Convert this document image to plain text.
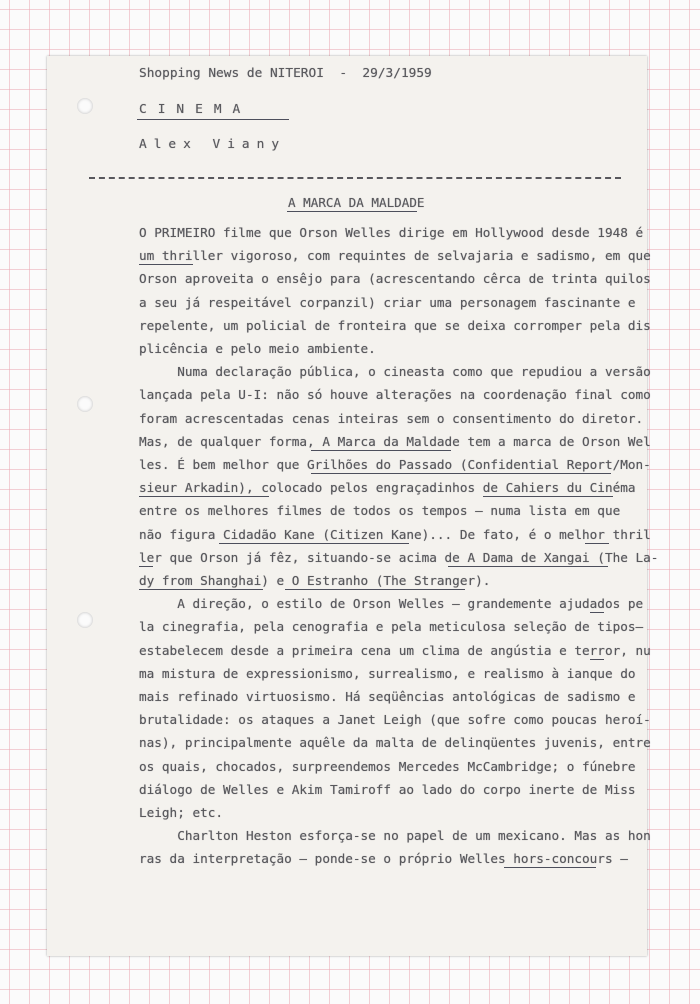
Shopping News de NITEROI  -  29/3/1959
CINEMA
Alex Viany
A MARCA DA MALDADE
O PRIMEIRO filme que Orson Welles dirige em Hollywood desde 1948 é
um thriller vigoroso, com requintes de selvajaria e sadismo, em que
Orson aproveita o ensêjo para (acrescentando cêrca de trinta quilos
a seu já respeitável corpanzil) criar uma personagem fascinante e
repelente, um policial de fronteira que se deixa corromper pela dis
plicência e pelo meio ambiente.
Numa declaração pública, o cineasta como que repudiou a versão
lançada pela U-I: não só houve alterações na coordenação final como
foram acrescentadas cenas inteiras sem o consentimento do diretor.
Mas, de qualquer forma, A Marca da Maldade tem a marca de Orson Wel
les. É bem melhor que Grilhões do Passado (Confidential Report/Mon-
sieur Arkadin), colocado pelos engraçadinhos de Cahiers du Cinéma
entre os melhores filmes de todos os tempos — numa lista em que
não figura Cidadão Kane (Citizen Kane)... De fato, é o melhor thril
ler que Orson já fêz, situando-se acima de A Dama de Xangai (The La-
dy from Shanghai) e O Estranho (The Stranger).
A direção, o estilo de Orson Welles — grandemente ajudados pe
la cinegrafia, pela cenografia e pela meticulosa seleção de tipos—
estabelecem desde a primeira cena um clima de angústia e terror, nu
ma mistura de expressionismo, surrealismo, e realismo à ianque do
mais refinado virtuosismo. Há seqüências antológicas de sadismo e
brutalidade: os ataques a Janet Leigh (que sofre como poucas heroí-
nas), principalmente aquêle da malta de delinqüentes juvenis, entre
os quais, chocados, surpreendemos Mercedes McCambridge; o fúnebre
diálogo de Welles e Akim Tamiroff ao lado do corpo inerte de Miss
Leigh; etc.
Charlton Heston esforça-se no papel de um mexicano. Mas as hon
ras da interpretação — ponde-se o próprio Welles hors-concours —
